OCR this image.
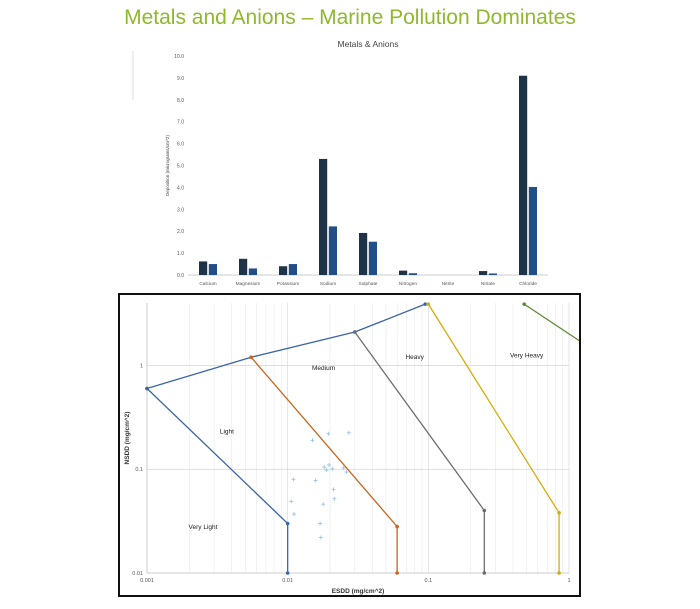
Metals and Anions – Marine Pollution Dominates
Metals & Anions
0.0
1.0
2.0
3.0
4.0
5.0
6.0
7.0
8.0
9.0
10.0
Deposition (micrograms/cm^2)
Calcium	Magnesium	Potassium	Sodium	Sulphate	Nitrogen	Nitrite	Nitrate	Chloride
0.001	0.01	0.1	1
0.01
0.1
1
ESDD (mg/cm^2)
NSDD (mg/cm^2)	Light
Medium
Heavy	Very Heavy
Very Light
